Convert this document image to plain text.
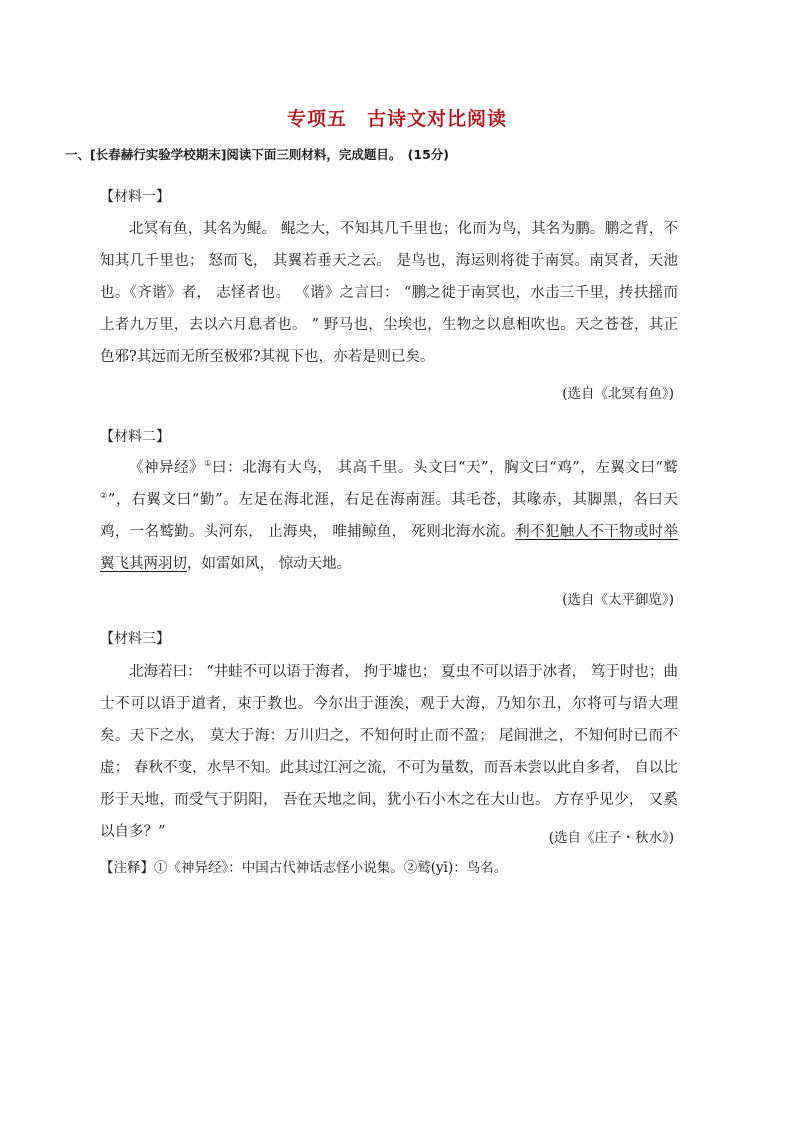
专项五　古诗文对比阅读
一、[长春赫行实验学校期末]阅读下面三则材料，完成题目。　(15分)
【材料一】

北冥有鱼，其名为鲲。 鲲之大，不知其几千里也；化而为鸟，其名为鹏。鹏之背，不知其几千里也； 怒而飞， 其翼若垂天之云。 是鸟也，海运则将徙于南冥。南冥者，天池也。《齐谐》者， 志怪者也。 《谐》之言曰： “鹏之徙于南冥也，水击三千里，抟扶摇而上者九万里，去以六月息者也。 ” 野马也，尘埃也，生物之以息相吹也。天之苍苍，其正色邪?其远而无所至极邪?其视下也，亦若是则已矣。

(选自《北冥有鱼》)
【材料二】

《神异经》①曰：北海有大鸟， 其高千里。头文曰“天”，胸文曰“鸡”，左翼文曰“鹫②”，右翼文曰“勤”。左足在海北涯，右足在海南涯。其毛苍，其喙赤，其脚黑，名曰天鸡，一名鹫勤。头河东， 止海央， 唯捕鲸鱼， 死则北海水流。利不犯触人不干物或时举翼飞其两羽切，如雷如风， 惊动天地。

(选自《太平御览》)
【材料三】

北海若曰： “井蛙不可以语于海者， 拘于墟也； 夏虫不可以语于冰者， 笃于时也；曲士不可以语于道者，束于教也。今尔出于涯涘，观于大海，乃知尔丑，尔将可与语大理矣。天下之水， 莫大于海：万川归之，不知何时止而不盈； 尾闾泄之，不知何时已而不虚； 春秋不变，水旱不知。此其过江河之流，不可为量数，而吾未尝以此自多者， 自以比形于天地，而受气于阴阳， 吾在天地之间，犹小石小木之在大山也。 方存乎见少， 又奚以自多？”	(选自《庄子・秋水》)
【注释】①《神异经》：中国古代神话志怪小说集。②鹫(yī)：鸟名。
